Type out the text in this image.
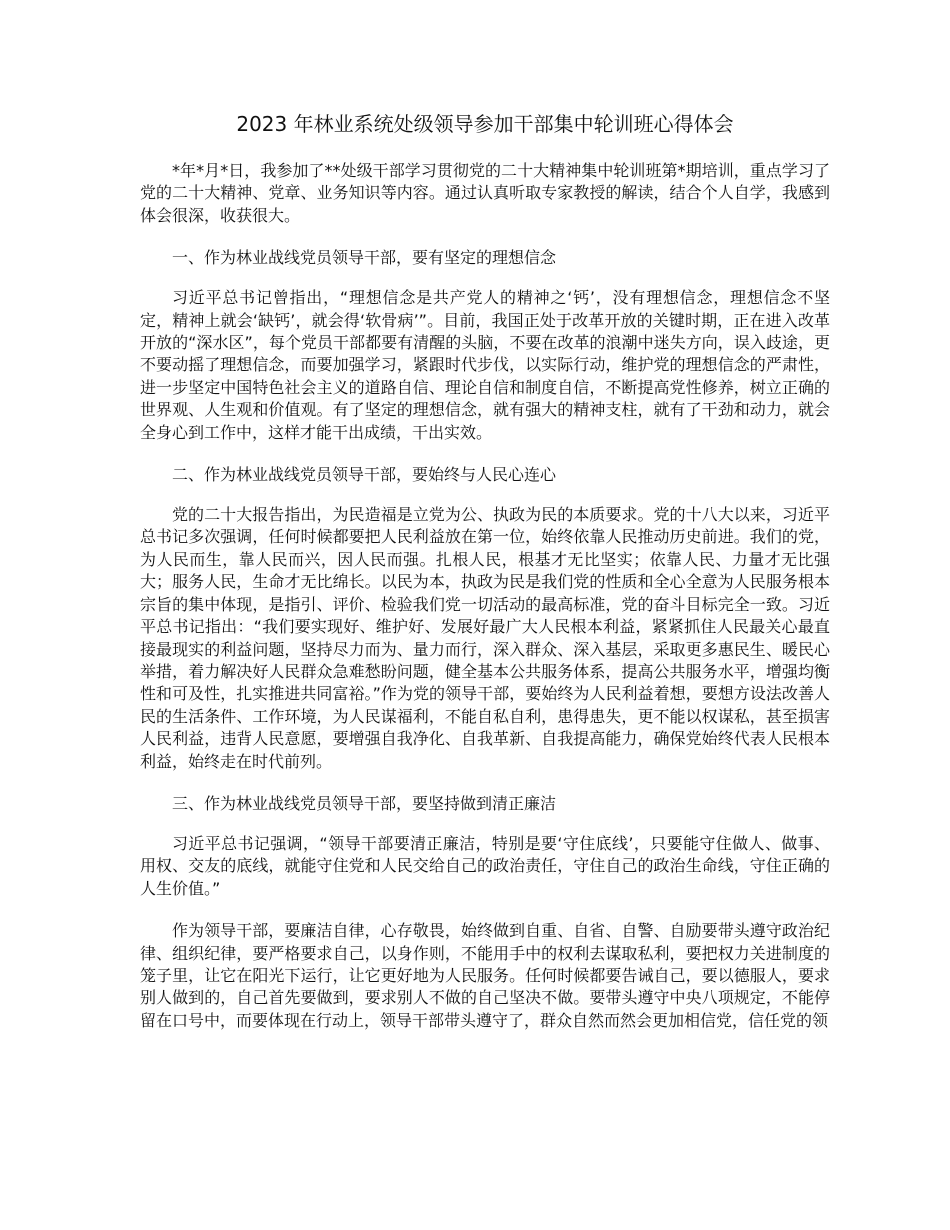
2023 年林业系统处级领导参加干部集中轮训班心得体会

*年*月*日，我参加了**处级干部学习贯彻党的二十大精神集中轮训班第*期培训，重点学习了党的二十大精神、党章、业务知识等内容。通过认真听取专家教授的解读，结合个人自学，我感到体会很深，收获很大。

一、作为林业战线党员领导干部，要有坚定的理想信念

习近平总书记曾指出，“理想信念是共产党人的精神之‘钙’，没有理想信念，理想信念不坚定，精神上就会‘缺钙’，就会得‘软骨病’”。目前，我国正处于改革开放的关键时期，正在进入改革开放的“深水区”，每个党员干部都要有清醒的头脑，不要在改革的浪潮中迷失方向，误入歧途，更不要动摇了理想信念，而要加强学习，紧跟时代步伐，以实际行动，维护党的理想信念的严肃性，进一步坚定中国特色社会主义的道路自信、理论自信和制度自信，不断提高党性修养，树立正确的世界观、人生观和价值观。有了坚定的理想信念，就有强大的精神支柱，就有了干劲和动力，就会全身心到工作中，这样才能干出成绩，干出实效。

二、作为林业战线党员领导干部，要始终与人民心连心

党的二十大报告指出，为民造福是立党为公、执政为民的本质要求。党的十八大以来，习近平总书记多次强调，任何时候都要把人民利益放在第一位，始终依靠人民推动历史前进。我们的党，为人民而生，靠人民而兴，因人民而强。扎根人民，根基才无比坚实；依靠人民、力量才无比强大；服务人民，生命才无比绵长。以民为本，执政为民是我们党的性质和全心全意为人民服务根本宗旨的集中体现，是指引、评价、检验我们党一切活动的最高标准，党的奋斗目标完全一致。习近平总书记指出：“我们要实现好、维护好、发展好最广大人民根本利益，紧紧抓住人民最关心最直接最现实的利益问题，坚持尽力而为、量力而行，深入群众、深入基层，采取更多惠民生、暖民心举措，着力解决好人民群众急难愁盼问题，健全基本公共服务体系，提高公共服务水平，增强均衡性和可及性，扎实推进共同富裕。”作为党的领导干部，要始终为人民利益着想，要想方设法改善人民的生活条件、工作环境，为人民谋福利，不能自私自利，患得患失，更不能以权谋私，甚至损害人民利益，违背人民意愿，要增强自我净化、自我革新、自我提高能力，确保党始终代表人民根本利益，始终走在时代前列。

三、作为林业战线党员领导干部，要坚持做到清正廉洁

习近平总书记强调，“领导干部要清正廉洁，特别是要‘守住底线’，只要能守住做人、做事、用权、交友的底线，就能守住党和人民交给自己的政治责任，守住自己的政治生命线，守住正确的人生价值。”

作为领导干部，要廉洁自律，心存敬畏，始终做到自重、自省、自警、自励要带头遵守政治纪律、组织纪律，要严格要求自己，以身作则，不能用手中的权利去谋取私利，要把权力关进制度的笼子里，让它在阳光下运行，让它更好地为人民服务。任何时候都要告诫自己，要以德服人，要求别人做到的，自己首先要做到，要求别人不做的自己坚决不做。要带头遵守中央八项规定，不能停留在口号中，而要体现在行动上，领导干部带头遵守了，群众自然而然会更加相信党，信任党的领
